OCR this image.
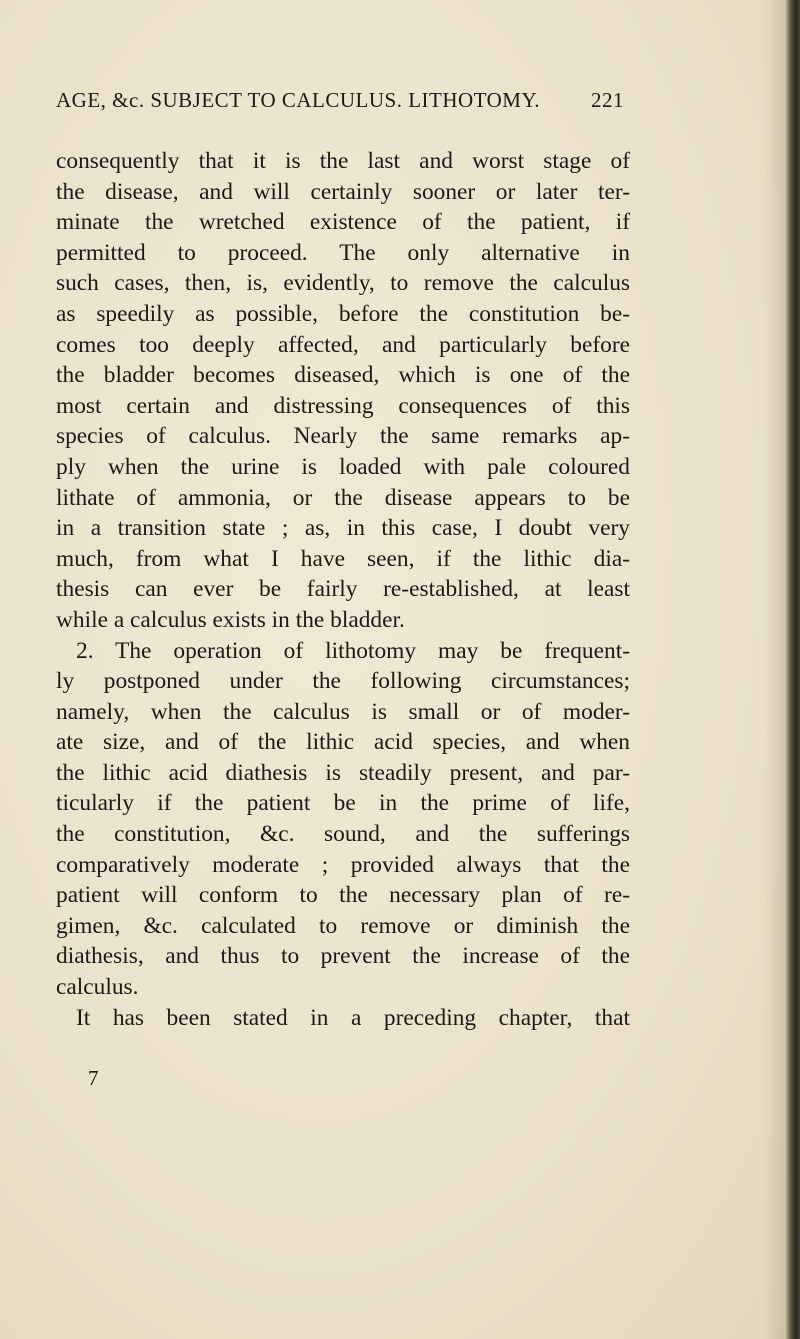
AGE, &c. SUBJECT TO CALCULUS. LITHOTOMY. 221
consequently that it is the last and worst stage of
the disease, and will certainly sooner or later ter-
minate the wretched existence of the patient, if
permitted to proceed. The only alternative in
such cases, then, is, evidently, to remove the calculus
as speedily as possible, before the constitution be-
comes too deeply affected, and particularly before
the bladder becomes diseased, which is one of the
most certain and distressing consequences of this
species of calculus. Nearly the same remarks ap-
ply when the urine is loaded with pale coloured
lithate of ammonia, or the disease appears to be
in a transition state ; as, in this case, I doubt very
much, from what I have seen, if the lithic dia-
thesis can ever be fairly re-established, at least
while a calculus exists in the bladder.
2. The operation of lithotomy may be frequent-
ly postponed under the following circumstances;
namely, when the calculus is small or of moder-
ate size, and of the lithic acid species, and when
the lithic acid diathesis is steadily present, and par-
ticularly if the patient be in the prime of life,
the constitution, &c. sound, and the sufferings
comparatively moderate ; provided always that the
patient will conform to the necessary plan of re-
gimen, &c. calculated to remove or diminish the
diathesis, and thus to prevent the increase of the
calculus.
It has been stated in a preceding chapter, that
7
